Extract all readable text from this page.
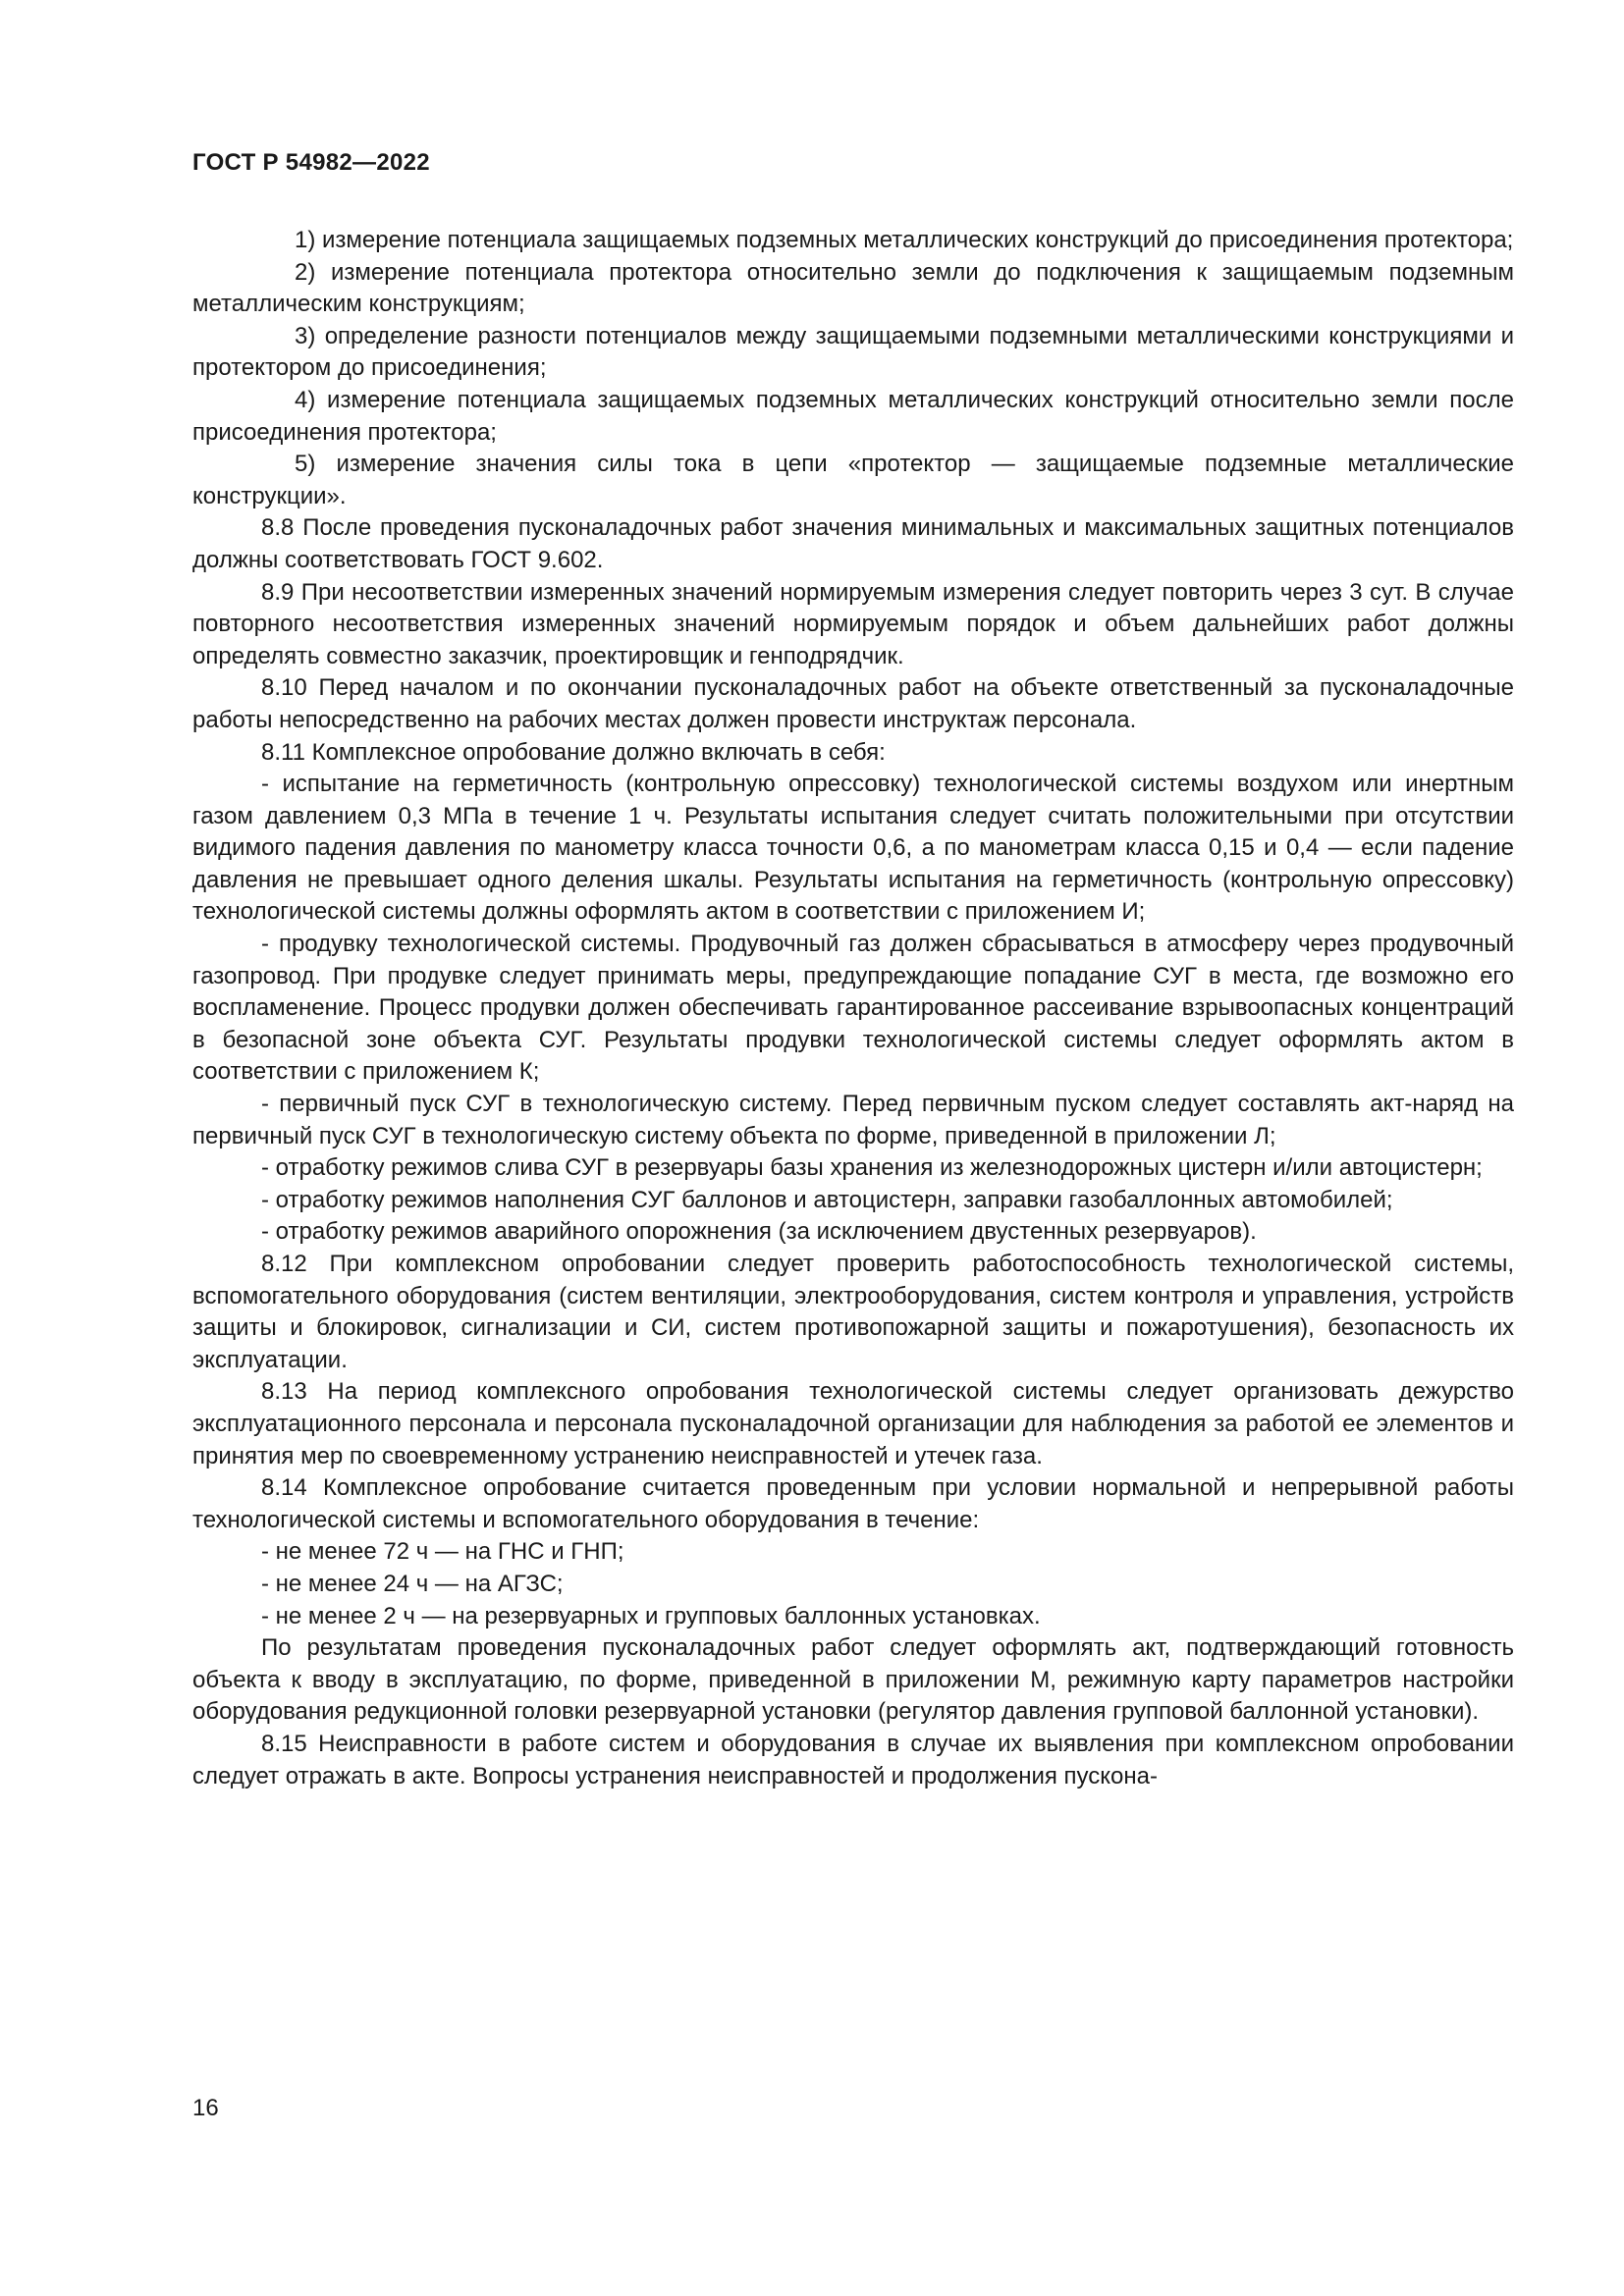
ГОСТ Р 54982—2022

1) измерение потенциала защищаемых подземных металлических конструкций до присоединения протектора;

2) измерение потенциала протектора относительно земли до подключения к защищаемым подземным металлическим конструкциям;

3) определение разности потенциалов между защищаемыми подземными металлическими конструкциями и протектором до присоединения;

4) измерение потенциала защищаемых подземных металлических конструкций относительно земли после присоединения протектора;

5) измерение значения силы тока в цепи «протектор — защищаемые подземные металлические конструкции».

8.8 После проведения пусконаладочных работ значения минимальных и максимальных защитных потенциалов должны соответствовать ГОСТ 9.602.

8.9 При несоответствии измеренных значений нормируемым измерения следует повторить через 3 сут. В случае повторного несоответствия измеренных значений нормируемым порядок и объем дальнейших работ должны определять совместно заказчик, проектировщик и генподрядчик.

8.10 Перед началом и по окончании пусконаладочных работ на объекте ответственный за пусконаладочные работы непосредственно на рабочих местах должен провести инструктаж персонала.

8.11 Комплексное опробование должно включать в себя:

- испытание на герметичность (контрольную опрессовку) технологической системы воздухом или инертным газом давлением 0,3 МПа в течение 1 ч. Результаты испытания следует считать положительными при отсутствии видимого падения давления по манометру класса точности 0,6, а по манометрам класса 0,15 и 0,4 — если падение давления не превышает одного деления шкалы. Результаты испытания на герметичность (контрольную опрессовку) технологической системы должны оформлять актом в соответствии с приложением И;

- продувку технологической системы. Продувочный газ должен сбрасываться в атмосферу через продувочный газопровод. При продувке следует принимать меры, предупреждающие попадание СУГ в места, где возможно его воспламенение. Процесс продувки должен обеспечивать гарантированное рассеивание взрывоопасных концентраций в безопасной зоне объекта СУГ. Результаты продувки технологической системы следует оформлять актом в соответствии с приложением К;

- первичный пуск СУГ в технологическую систему. Перед первичным пуском следует составлять акт-наряд на первичный пуск СУГ в технологическую систему объекта по форме, приведенной в приложении Л;

- отработку режимов слива СУГ в резервуары базы хранения из железнодорожных цистерн и/или автоцистерн;

- отработку режимов наполнения СУГ баллонов и автоцистерн, заправки газобаллонных автомобилей;

- отработку режимов аварийного опорожнения (за исключением двустенных резервуаров).

8.12 При комплексном опробовании следует проверить работоспособность технологической системы, вспомогательного оборудования (систем вентиляции, электрооборудования, систем контроля и управления, устройств защиты и блокировок, сигнализации и СИ, систем противопожарной защиты и пожаротушения), безопасность их эксплуатации.

8.13 На период комплексного опробования технологической системы следует организовать дежурство эксплуатационного персонала и персонала пусконаладочной организации для наблюдения за работой ее элементов и принятия мер по своевременному устранению неисправностей и утечек газа.

8.14 Комплексное опробование считается проведенным при условии нормальной и непрерывной работы технологической системы и вспомогательного оборудования в течение:

- не менее 72 ч — на ГНС и ГНП;

- не менее 24 ч — на АГЗС;

- не менее 2 ч — на резервуарных и групповых баллонных установках.

По результатам проведения пусконаладочных работ следует оформлять акт, подтверждающий готовность объекта к вводу в эксплуатацию, по форме, приведенной в приложении М, режимную карту параметров настройки оборудования редукционной головки резервуарной установки (регулятор давления групповой баллонной установки).

8.15 Неисправности в работе систем и оборудования в случае их выявления при комплексном опробовании следует отражать в акте. Вопросы устранения неисправностей и продолжения пускона-

16
